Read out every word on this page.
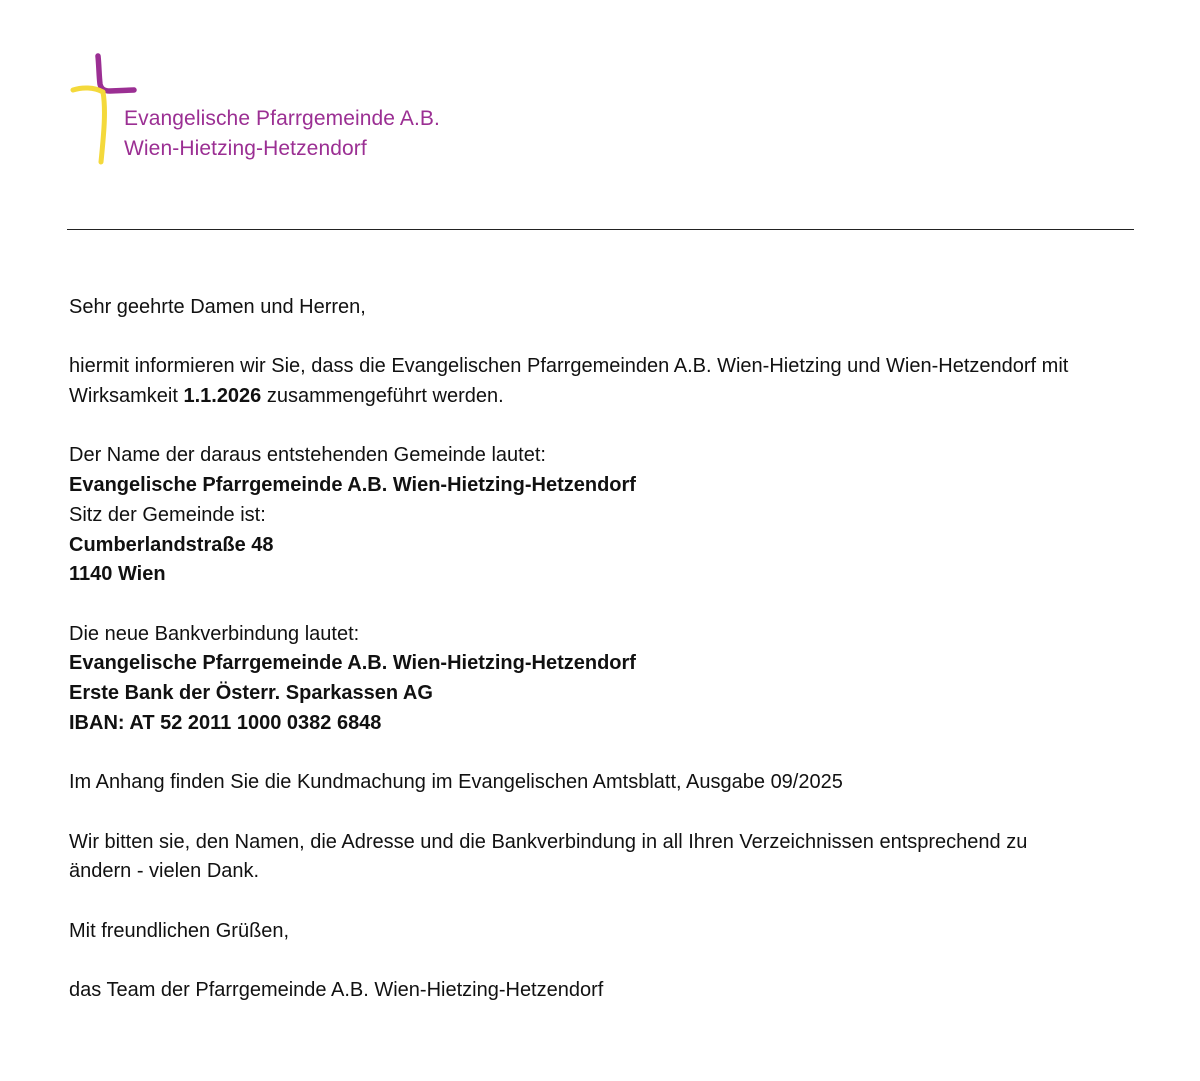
Evangelische Pfarrgemeinde A.B.
Wien-Hietzing-Hetzendorf

Sehr geehrte Damen und Herren,

hiermit informieren wir Sie, dass die Evangelischen Pfarrgemeinden A.B. Wien-Hietzing und Wien-Hetzendorf mit Wirksamkeit 1.1.2026 zusammengeführt werden.

Der Name der daraus entstehenden Gemeinde lautet:
Evangelische Pfarrgemeinde A.B. Wien-Hietzing-Hetzendorf
Sitz der Gemeinde ist:
Cumberlandstraße 48
1140 Wien

Die neue Bankverbindung lautet:
Evangelische Pfarrgemeinde A.B. Wien-Hietzing-Hetzendorf
Erste Bank der Österr. Sparkassen AG
IBAN: AT 52 2011 1000 0382 6848

Im Anhang finden Sie die Kundmachung im Evangelischen Amtsblatt, Ausgabe 09/2025

Wir bitten sie, den Namen, die Adresse und die Bankverbindung in all Ihren Verzeichnissen entsprechend zu
ändern - vielen Dank.

Mit freundlichen Grüßen,

das Team der Pfarrgemeinde A.B. Wien-Hietzing-Hetzendorf
